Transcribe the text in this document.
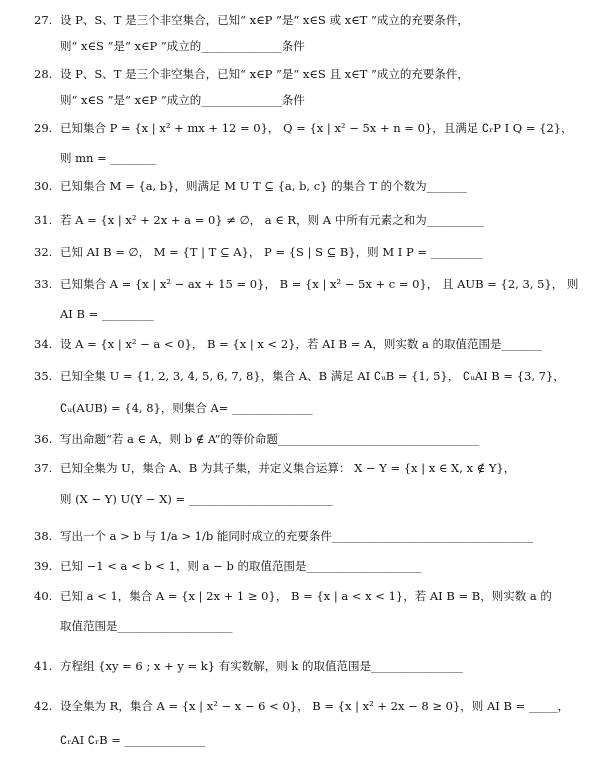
27. 设 P、S、T 是三个非空集合，已知“ x∈P ”是“ x∈S 或 x∈T ”成立的充要条件，
则“ x∈S ”是“ x∈P ”成立的______________条件
28. 设 P、S、T 是三个非空集合，已知“ x∈P ”是“ x∈S 且 x∈T ”成立的充要条件，
则“ x∈S ”是“ x∈P ”成立的______________条件
29. 已知集合 P = {x | x² + mx + 12 = 0}， Q = {x | x² − 5x + n = 0}，且满足 ∁ᵣP I Q = {2}，
则 mn = ________
30. 已知集合 M = {a, b}，则满足 M U T ⊆ {a, b, c} 的集合 T 的个数为_______
31. 若 A = {x | x² + 2x + a = 0} ≠ ∅， a ∈ R，则 A 中所有元素之和为__________
32. 已知 AI B = ∅， M = {T | T ⊆ A}， P = {S | S ⊆ B}，则 M I P = _________
33. 已知集合 A = {x | x² − ax + 15 = 0}， B = {x | x² − 5x + c = 0}， 且 AUB = {2, 3, 5}， 则
AI B = _________
34. 设 A = {x | x² − a < 0}， B = {x | x < 2}，若 AI B = A，则实数 a 的取值范围是_______
35. 已知全集 U = {1, 2, 3, 4, 5, 6, 7, 8}，集合 A、B 满足 AI ∁ᵤB = {1, 5}， ∁ᵤAI B = {3, 7}，
∁ᵤ(AUB) = {4, 8}，则集合 A= ______________
36. 写出命题“若 a ∈ A，则 b ∉ A”的等价命题___________________________________
37. 已知全集为 U，集合 A、B 为其子集，并定义集合运算： X − Y = {x | x ∈ X, x ∉ Y}，
则 (X − Y) U(Y − X) = _________________________
38. 写出一个 a > b 与 1/a > 1/b 能同时成立的充要条件___________________________________
39. 已知 −1 < a < b < 1，则 a − b 的取值范围是____________________
40. 已知 a < 1，集合 A = {x | 2x + 1 ≥ 0}， B = {x | a < x < 1}，若 AI B = B，则实数 a 的
取值范围是____________________
41. 方程组 {xy = 6 ; x + y = k} 有实数解，则 k 的取值范围是________________
42. 设全集为 R，集合 A = {x | x² − x − 6 < 0}， B = {x | x² + 2x − 8 ≥ 0}，则 AI B = _____，
∁ᵣAI ∁ᵣB = ______________
